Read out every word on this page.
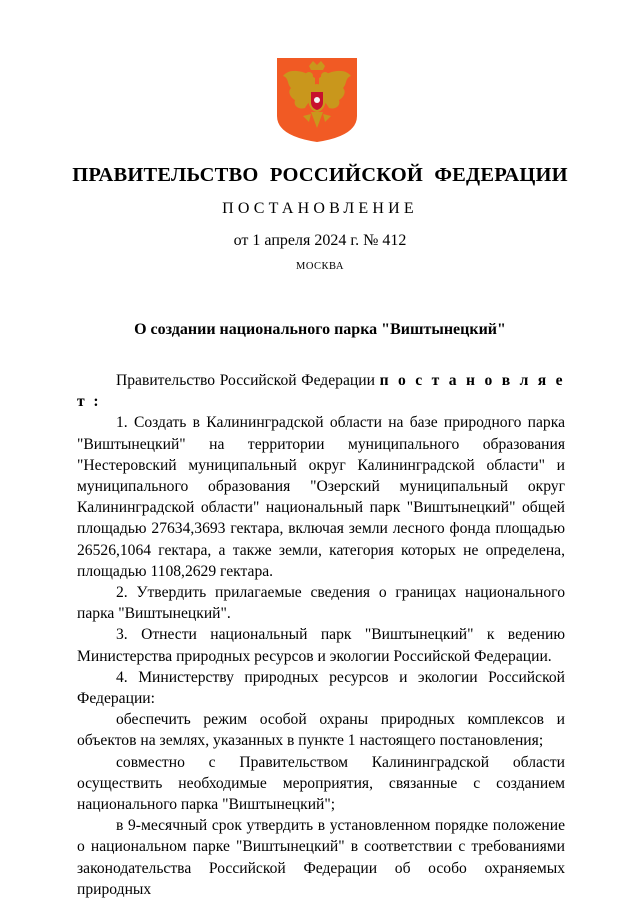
ПРАВИТЕЛЬСТВО РОССИЙСКОЙ ФЕДЕРАЦИИ
ПОСТАНОВЛЕНИЕ
от 1 апреля 2024 г. № 412
МОСКВА
О создании национального парка "Виштынецкий"

Правительство Российской Федерации п о с т а н о в л я е т :

1. Создать в Калининградской области на базе природного парка "Виштынецкий" на территории муниципального образования "Нестеровский муниципальный округ Калининградской области" и муниципального образования "Озерский муниципальный округ Калининградской области" национальный парк "Виштынецкий" общей площадью 27634,3693 гектара, включая земли лесного фонда площадью 26526,1064 гектара, а также земли, категория которых не определена, площадью 1108,2629 гектара.

2. Утвердить прилагаемые сведения о границах национального парка "Виштынецкий".

3. Отнести национальный парк "Виштынецкий" к ведению Министерства природных ресурсов и экологии Российской Федерации.

4. Министерству природных ресурсов и экологии Российской Федерации:

обеспечить режим особой охраны природных комплексов и объектов на землях, указанных в пункте 1 настоящего постановления;

совместно с Правительством Калининградской области осуществить необходимые мероприятия, связанные с созданием национального парка "Виштынецкий";

в 9-месячный срок утвердить в установленном порядке положение о национальном парке "Виштынецкий" в соответствии с требованиями законодательства Российской Федерации об особо охраняемых природных
